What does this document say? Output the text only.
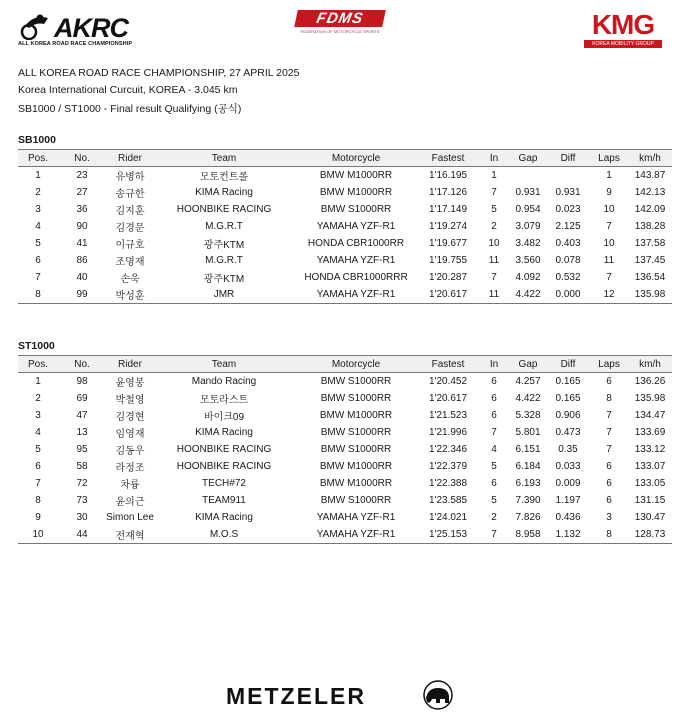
AKRC
ALL KOREA ROAD RACE CHAMPIONSHIP
FDMS
FEDERATION OF MOTORCYCLE SPORTS	KMG
KOREA MOBILITY GROUP
ALL KOREA ROAD RACE CHAMPIONSHIP, 27 APRIL 2025
Korea International Curcuit, KOREA - 3.045 km
SB1000 / ST1000 - Final result Qualifying (공식)
SB1000
Pos.	No.	Rider	Team	Motorcycle	Fastest	In	Gap	Diff	Laps	km/h
1	23	유병하	모토컨트롤	BMW M1000RR	1'16.195	1			1	143.87
2	27	송규한	KIMA Racing	BMW M1000RR	1'17.126	7	0.931	0.931	9	142.13
3	36	김지훈	HOONBIKE RACING	BMW S1000RR	1'17.149	5	0.954	0.023	10	142.09
4	90	김경문	M.G.R.T	YAMAHA YZF-R1	1'19.274	2	3.079	2.125	7	138.28
5	41	이규호	광주KTM	HONDA CBR1000RR	1'19.677	10	3.482	0.403	10	137.58
6	86	조명재	M.G.R.T	YAMAHA YZF-R1	1'19.755	11	3.560	0.078	11	137.45
7	40	손욱	광주KTM	HONDA CBR1000RRR	1'20.287	7	4.092	0.532	7	136.54
8	99	박성훈	JMR	YAMAHA YZF-R1	1'20.617	11	4.422	0.000	12	135.98
ST1000
Pos.	No.	Rider	Team	Motorcycle	Fastest	In	Gap	Diff	Laps	km/h
1	98	윤영봉	Mando Racing	BMW S1000RR	1'20.452	6	4.257	0.165	6	136.26
2	69	박철영	모토라스트	BMW S1000RR	1'20.617	6	4.422	0.165	8	135.98
3	47	김경현	바이크09	BMW M1000RR	1'21.523	6	5.328	0.906	7	134.47
4	13	임영재	KIMA Racing	BMW S1000RR	1'21.996	7	5.801	0.473	7	133.69
5	95	김동우	HOONBIKE RACING	BMW S1000RR	1'22.346	4	6.151	0.35	7	133.12
6	58	라정조	HOONBIKE RACING	BMW M1000RR	1'22.379	5	6.184	0.033	6	133.07
7	72	차륭	TECH#72	BMW M1000RR	1'22.388	6	6.193	0.009	6	133.05
8	73	윤의근	TEAM911	BMW S1000RR	1'23.585	5	7.390	1.197	6	131.15
9	30	Simon Lee	KIMA Racing	YAMAHA YZF-R1	1'24.021	2	7.826	0.436	3	130.47
10	44	전재혁	M.O.S	YAMAHA YZF-R1	1'25.153	7	8.958	1.132	8	128.73
METZELER
